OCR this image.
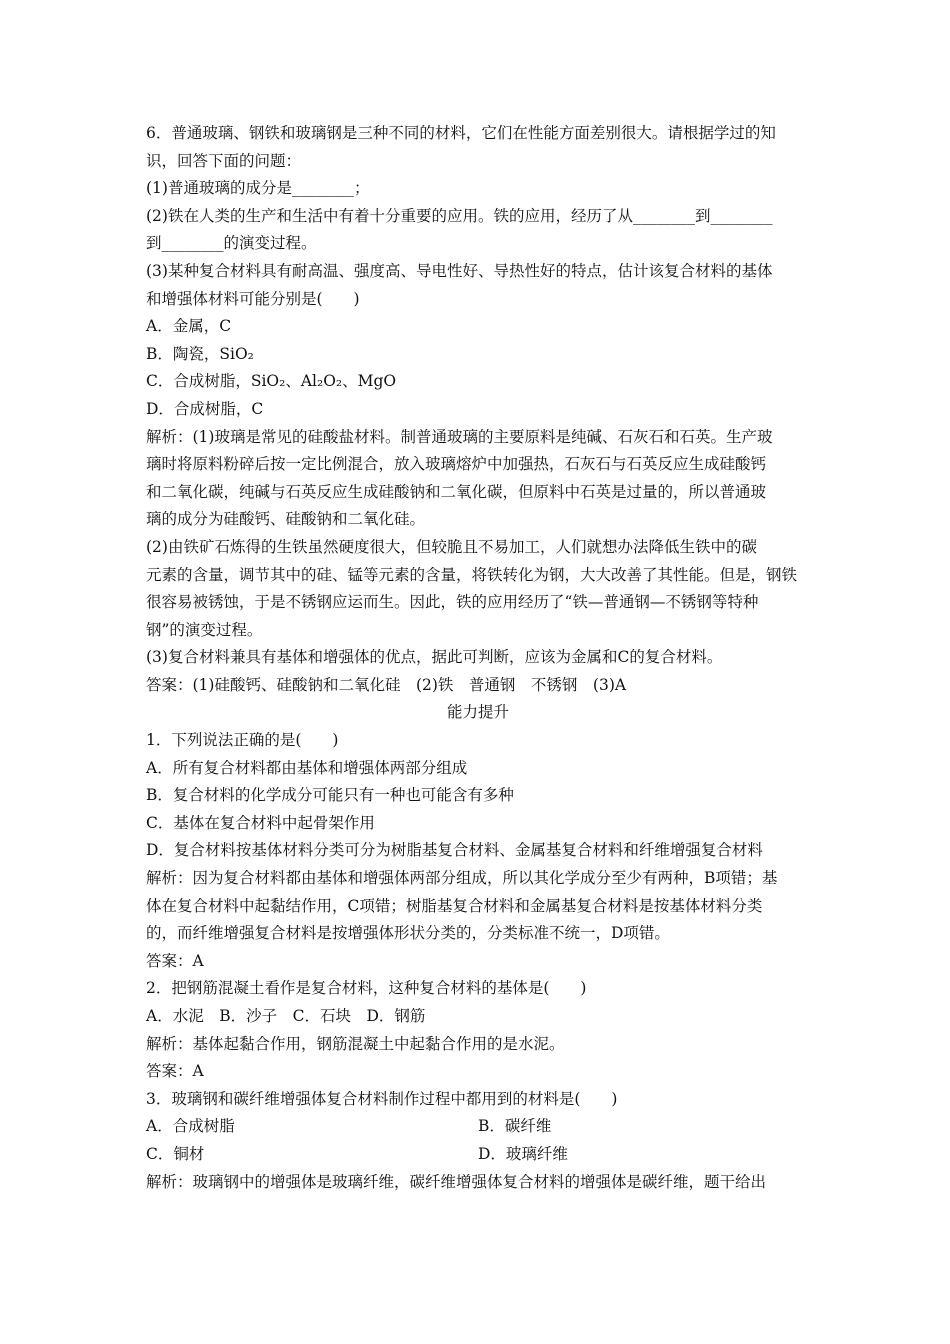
6．普通玻璃、钢铁和玻璃钢是三种不同的材料，它们在性能方面差别很大。请根据学过的知
识，回答下面的问题：
(1)普通玻璃的成分是________；
(2)铁在人类的生产和生活中有着十分重要的应用。铁的应用，经历了从________到________
到________的演变过程。
(3)某种复合材料具有耐高温、强度高、导电性好、导热性好的特点，估计该复合材料的基体
和增强体材料可能分别是(　　)
A．金属，C
B．陶瓷，SiO₂
C．合成树脂，SiO₂、Al₂O₂、MgO
D．合成树脂，C
解析：(1)玻璃是常见的硅酸盐材料。制普通玻璃的主要原料是纯碱、石灰石和石英。生产玻
璃时将原料粉碎后按一定比例混合，放入玻璃熔炉中加强热，石灰石与石英反应生成硅酸钙
和二氧化碳，纯碱与石英反应生成硅酸钠和二氧化碳，但原料中石英是过量的，所以普通玻
璃的成分为硅酸钙、硅酸钠和二氧化硅。
(2)由铁矿石炼得的生铁虽然硬度很大，但较脆且不易加工，人们就想办法降低生铁中的碳
元素的含量，调节其中的硅、锰等元素的含量，将铁转化为钢，大大改善了其性能。但是，钢铁
很容易被锈蚀，于是不锈钢应运而生。因此，铁的应用经历了“铁—普通钢—不锈钢等特种
钢”的演变过程。
(3)复合材料兼具有基体和增强体的优点，据此可判断，应该为金属和C的复合材料。
答案：(1)硅酸钙、硅酸钠和二氧化硅　(2)铁　普通钢　不锈钢　(3)A
能力提升
1．下列说法正确的是(　　)
A．所有复合材料都由基体和增强体两部分组成
B．复合材料的化学成分可能只有一种也可能含有多种
C．基体在复合材料中起骨架作用
D．复合材料按基体材料分类可分为树脂基复合材料、金属基复合材料和纤维增强复合材料
解析：因为复合材料都由基体和增强体两部分组成，所以其化学成分至少有两种，B项错；基
体在复合材料中起黏结作用，C项错；树脂基复合材料和金属基复合材料是按基体材料分类
的，而纤维增强复合材料是按增强体形状分类的，分类标准不统一，D项错。
答案：A
2．把钢筋混凝土看作是复合材料，这种复合材料的基体是(　　)
A．水泥　B．沙子　C．石块　D．钢筋
解析：基体起黏合作用，钢筋混凝土中起黏合作用的是水泥。
答案：A
3．玻璃钢和碳纤维增强体复合材料制作过程中都用到的材料是(　　)
A．合成树脂	B．碳纤维
C．铜材	D．玻璃纤维
解析：玻璃钢中的增强体是玻璃纤维，碳纤维增强体复合材料的增强体是碳纤维，题干给出
